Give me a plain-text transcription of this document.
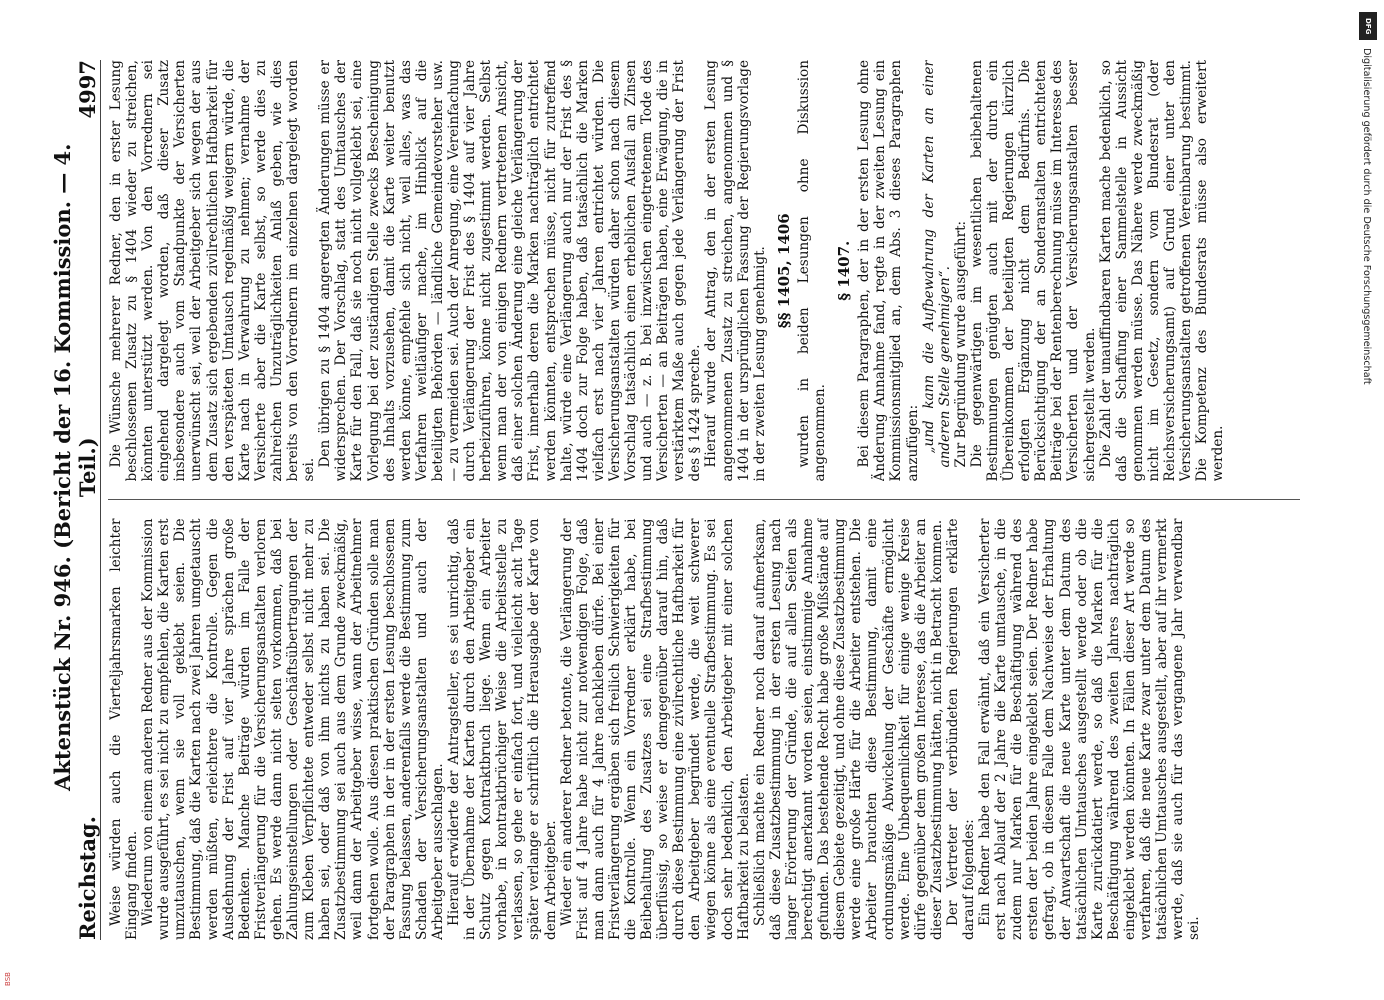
Reichstag.
Aktenstück Nr. 946. (Bericht der 16. Kommission. — 4. Teil.)
4997

Weise würden auch die Vierteljahrsmarken leichter Eingang finden. Wiederum von einem anderen Redner aus der Kommission wurde ausgeführt, es sei nicht zu empfehlen, die Karten erst umzutauschen, wenn sie voll geklebt seien. Die Bestimmung, daß die Karten nach zwei Jahren umgetauscht werden müßten, erleichtere die Kontrolle. Gegen die Ausdehnung der Frist auf vier Jahre sprächen große Bedenken. Manche Beiträge würden im Falle der Fristverlängerung für die Versicherungsanstalten verloren gehen. Es werde dann nicht selten vorkommen, daß bei Zahlungseinstellungen oder Geschäftsübertragungen der zum Kleben Verpflichtete entweder selbst nicht mehr zu haben sei, oder daß von ihm nichts zu haben sei. Die Zusatzbestimmung sei auch aus dem Grunde zweckmäßig, weil dann der Arbeitgeber wisse, wann der Arbeitnehmer fortgehen wolle. Aus diesen praktischen Gründen solle man der Paragraphen in der in der ersten Lesung beschlossenen Fassung belassen, anderenfalls werde die Bestimmung zum Schaden der Versicherungsanstalten und auch der Arbeitgeber ausschlagen. Hierauf erwiderte der Antragsteller, es sei unrichtig, daß in der Übernahme der Karten durch den Arbeitgeber ein Schutz gegen Kontraktbruch liege. Wenn ein Arbeiter vorhabe, in kontraktbrüchiger Weise die Arbeitsstelle zu verlassen, so gehe er einfach fort, und vielleicht acht Tage später verlange er schriftlich die Herausgabe der Karte von dem Arbeitgeber. Wieder ein anderer Redner betonte, die Verlängerung der Frist auf 4 Jahre habe nicht zur notwendigen Folge, daß man dann auch für 4 Jahre nachkleben dürfe. Bei einer Fristverlängerung ergäben sich freilich Schwierigkeiten für die Kontrolle. Wenn ein Vorredner erklärt habe, bei Beibehaltung des Zusatzes sei eine Strafbestimmung überflüssig, so weise er demgegenüber darauf hin, daß durch diese Bestimmung eine zivilrechtliche Haftbarkeit für den Arbeitgeber begründet werde, die weit schwerer wiegen könne als eine eventuelle Strafbestimmung. Es sei doch sehr bedenklich, den Arbeitgeber mit einer solchen Haftbarkeit zu belasten. Schließlich machte ein Redner noch darauf aufmerksam, daß diese Zusatzbestimmung in der ersten Lesung nach langer Erörterung der Gründe, die auf allen Seiten als berechtigt anerkannt worden seien, einstimmige Annahme gefunden. Das bestehende Recht habe große Mißstände auf diesem Gebiete gezeitigt, und ohne diese Zusatzbestimmung werde eine große Härte für die Arbeiter entstehen. Die Arbeiter brauchten diese Bestimmung, damit eine ordnungsmäßige Abwickelung der Geschäfte ermöglicht werde. Eine Unbequemlichkeit für einige wenige Kreise dürfe gegenüber dem großen Interesse, das die Arbeiter an dieser Zusatzbestimmung hätten, nicht in Betracht kommen. Der Vertreter der verbündeten Regierungen erklärte darauf folgendes: Ein Redner habe den Fall erwähnt, daß ein Versicherter erst nach Ablauf der 2 Jahre die Karte umtausche, in die zudem nur Marken für die Beschäftigung während des ersten der beiden Jahre eingeklebt seien. Der Redner habe gefragt, ob in diesem Falle dem Nachweise der Erhaltung der Anwartschaft die neue Karte unter dem Datum des tatsächlichen Umtausches ausgestellt werde oder ob die Karte zurückdatiert werde, so daß die Marken für die Beschäftigung während des zweiten Jahres nachträglich eingeklebt werden könnten. In Fällen dieser Art werde so verfahren, daß die neue Karte zwar unter dem Datum des tatsächlichen Umtausches ausgestellt, aber auf ihr vermerkt werde, daß sie auch für das vergangene Jahr verwendbar sei.

Die Wünsche mehrerer Redner, den in erster Lesung beschlossenen Zusatz zu § 1404 wieder zu streichen, könnten unterstützt werden. Von den Vorrednern sei eingehend dargelegt worden, daß dieser Zusatz insbesondere auch vom Standpunkte der Versicherten unerwünscht sei, weil der Arbeitgeber sich wegen der aus dem Zusatz sich ergebenden zivilrechtlichen Haftbarkeit für den verspäteten Umtausch regelmäßig weigern würde, die Karte nach in Verwahrung zu nehmen; vernahme der Versicherte aber die Karte selbst, so werde dies zu zahlreichen Unzuträglichkeiten Anlaß geben, wie dies bereits von den Vorrednern im einzelnen dargelegt worden sei.

Den übrigen zu § 1404 angeregten Änderungen müsse er widersprechen. Der Vorschlag, statt des Umtausches der Karte für den Fall, daß sie noch nicht vollgeklebt sei, eine Vorlegung bei der zuständigen Stelle zwecks Bescheinigung des Inhalts vorzusehen, damit die Karte weiter benutzt werden könne, empfehle sich nicht, weil alles, was das Verfahren weitläufiger mache, im Hinblick auf die beteiligten Behörden — ländliche Gemeindevorsteher usw. — zu vermeiden sei. Auch der Anregung, eine Vereinfachung durch Verlängerung der Frist des § 1404 auf vier Jahre herbeizuführen, könne nicht zugestimmt werden. Selbst wenn man der von einigen Rednern vertretenen Ansicht, daß einer solchen Änderung eine gleiche Verlängerung der Frist, innerhalb deren die Marken nachträglich entrichtet werden könnten, entsprechen müsse, nicht für zutreffend halte, würde eine Verlängerung auch nur der Frist des § 1404 doch zur Folge haben, daß tatsächlich die Marken vielfach erst nach vier Jahren entrichtet würden. Die Versicherungsanstalten würden daher schon nach diesem Vorschlag tatsächlich einen erheblichen Ausfall an Zinsen und auch — z. B. bei inzwischen eingetretenem Tode des Versicherten — an Beiträgen haben, eine Erwägung, die in verstärktem Maße auch gegen jede Verlängerung der Frist des § 1424 spreche. Hierauf wurde der Antrag, den in der ersten Lesung angenommenen Zusatz zu streichen, angenommen und § 1404 in der ursprünglichen Fassung der Regierungsvorlage in der zweiten Lesung genehmigt. §§ 1405, 1406 wurden in beiden Lesungen ohne Diskussion angenommen.

§ 1407. Bei diesem Paragraphen, der in der ersten Lesung ohne Änderung Annahme fand, regte in der zweiten Lesung ein Kommissionsmitglied an, dem Abs. 3 dieses Paragraphen anzufügen: „und kann die Aufbewahrung der Karten an einer anderen Stelle genehmigen“. Zur Begründung wurde ausgeführt: Die gegenwärtigen im wesentlichen beibehaltenen Bestimmungen genügten auch mit der durch ein Übereinkommen der beteiligten Regierungen kürzlich erfolgten Ergänzung nicht dem Bedürfnis. Die Berücksichtigung der an Sonderanstalten entrichteten Beiträge bei der Rentenberechnung müsse im Interesse des Versicherten und der Versicherungsanstalten besser sichergestellt werden. Die Zahl der unauffindbaren Karten mache bedenklich, so daß die Schaffung einer Sammelstelle in Aussicht genommen werden müsse. Das Nähere werde zweckmäßig nicht im Gesetz, sondern vom Bundesrat (oder Reichsversicherungsamt) auf Grund einer unter den Versicherungsanstalten getroffenen Vereinbarung bestimmt. Die Kompetenz des Bundesrats müsse also erweitert werden.

DFG
Digitalisierung gefördert durch die Deutsche Forschungsgemeinschaft
BSB
